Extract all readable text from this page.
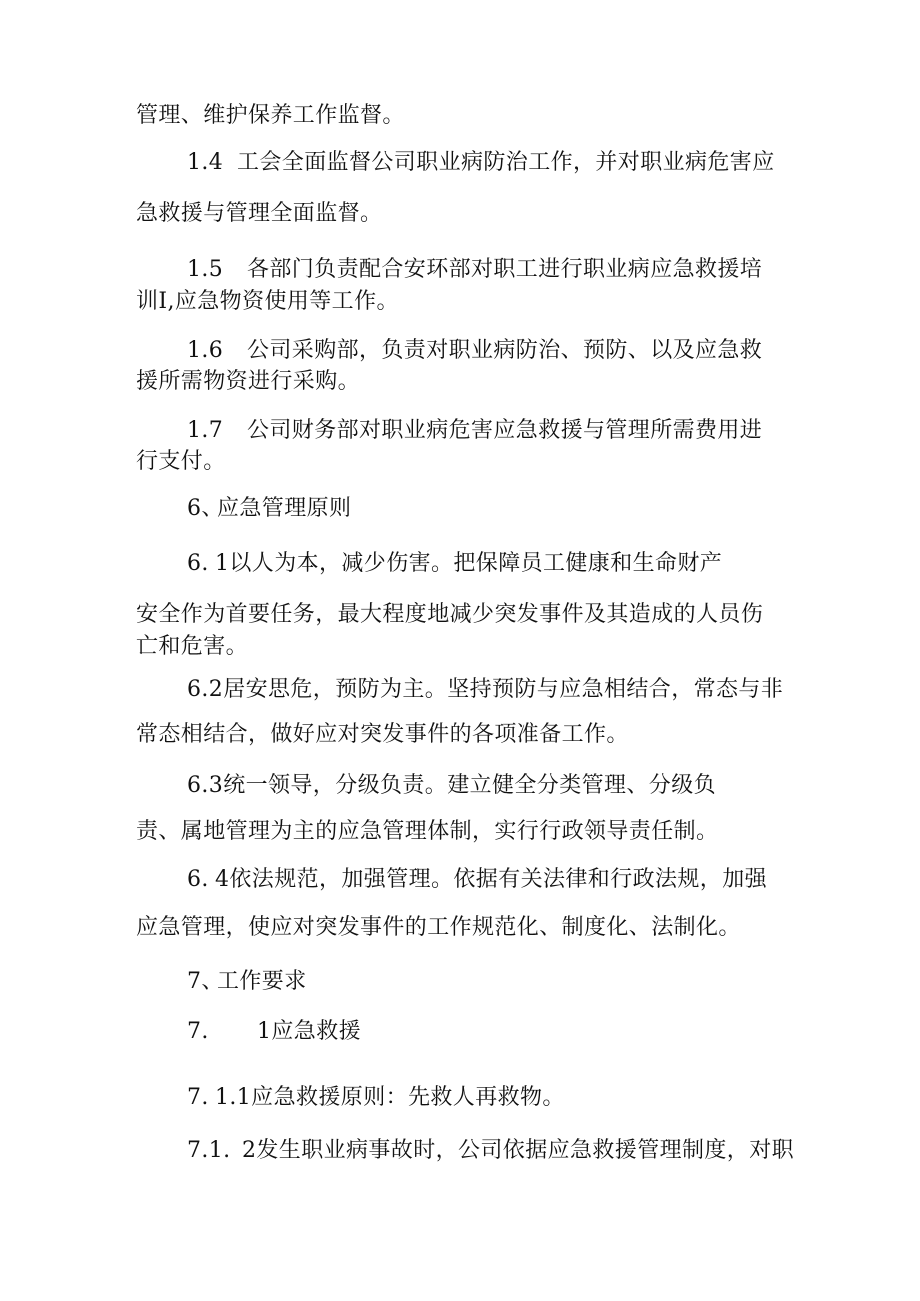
管理、维护保养工作监督。
1.4 工会全面监督公司职业病防治工作，并对职业病危害应
急救援与管理全面监督。
1.5 各部门负责配合安环部对职工进行职业病应急救援培
训I,应急物资使用等工作。
1.6 公司采购部，负责对职业病防治、预防、以及应急救
援所需物资进行采购。
1.7 公司财务部对职业病危害应急救援与管理所需费用进
行支付。
6、应急管理原则
6. 1以人为本，减少伤害。把保障员工健康和生命财产
安全作为首要任务，最大程度地减少突发事件及其造成的人员伤
亡和危害。
6.2居安思危，预防为主。坚持预防与应急相结合，常态与非
常态相结合，做好应对突发事件的各项准备工作。
6.3统一领导，分级负责。建立健全分类管理、分级负
责、属地管理为主的应急管理体制，实行行政领导责任制。
6. 4依法规范，加强管理。依据有关法律和行政法规，加强
应急管理，使应对突发事件的工作规范化、制度化、法制化。
7、工作要求
7. 1应急救援
7. 1.1应急救援原则：先救人再救物。
7.1. 2发生职业病事故时，公司依据应急救援管理制度，对职
